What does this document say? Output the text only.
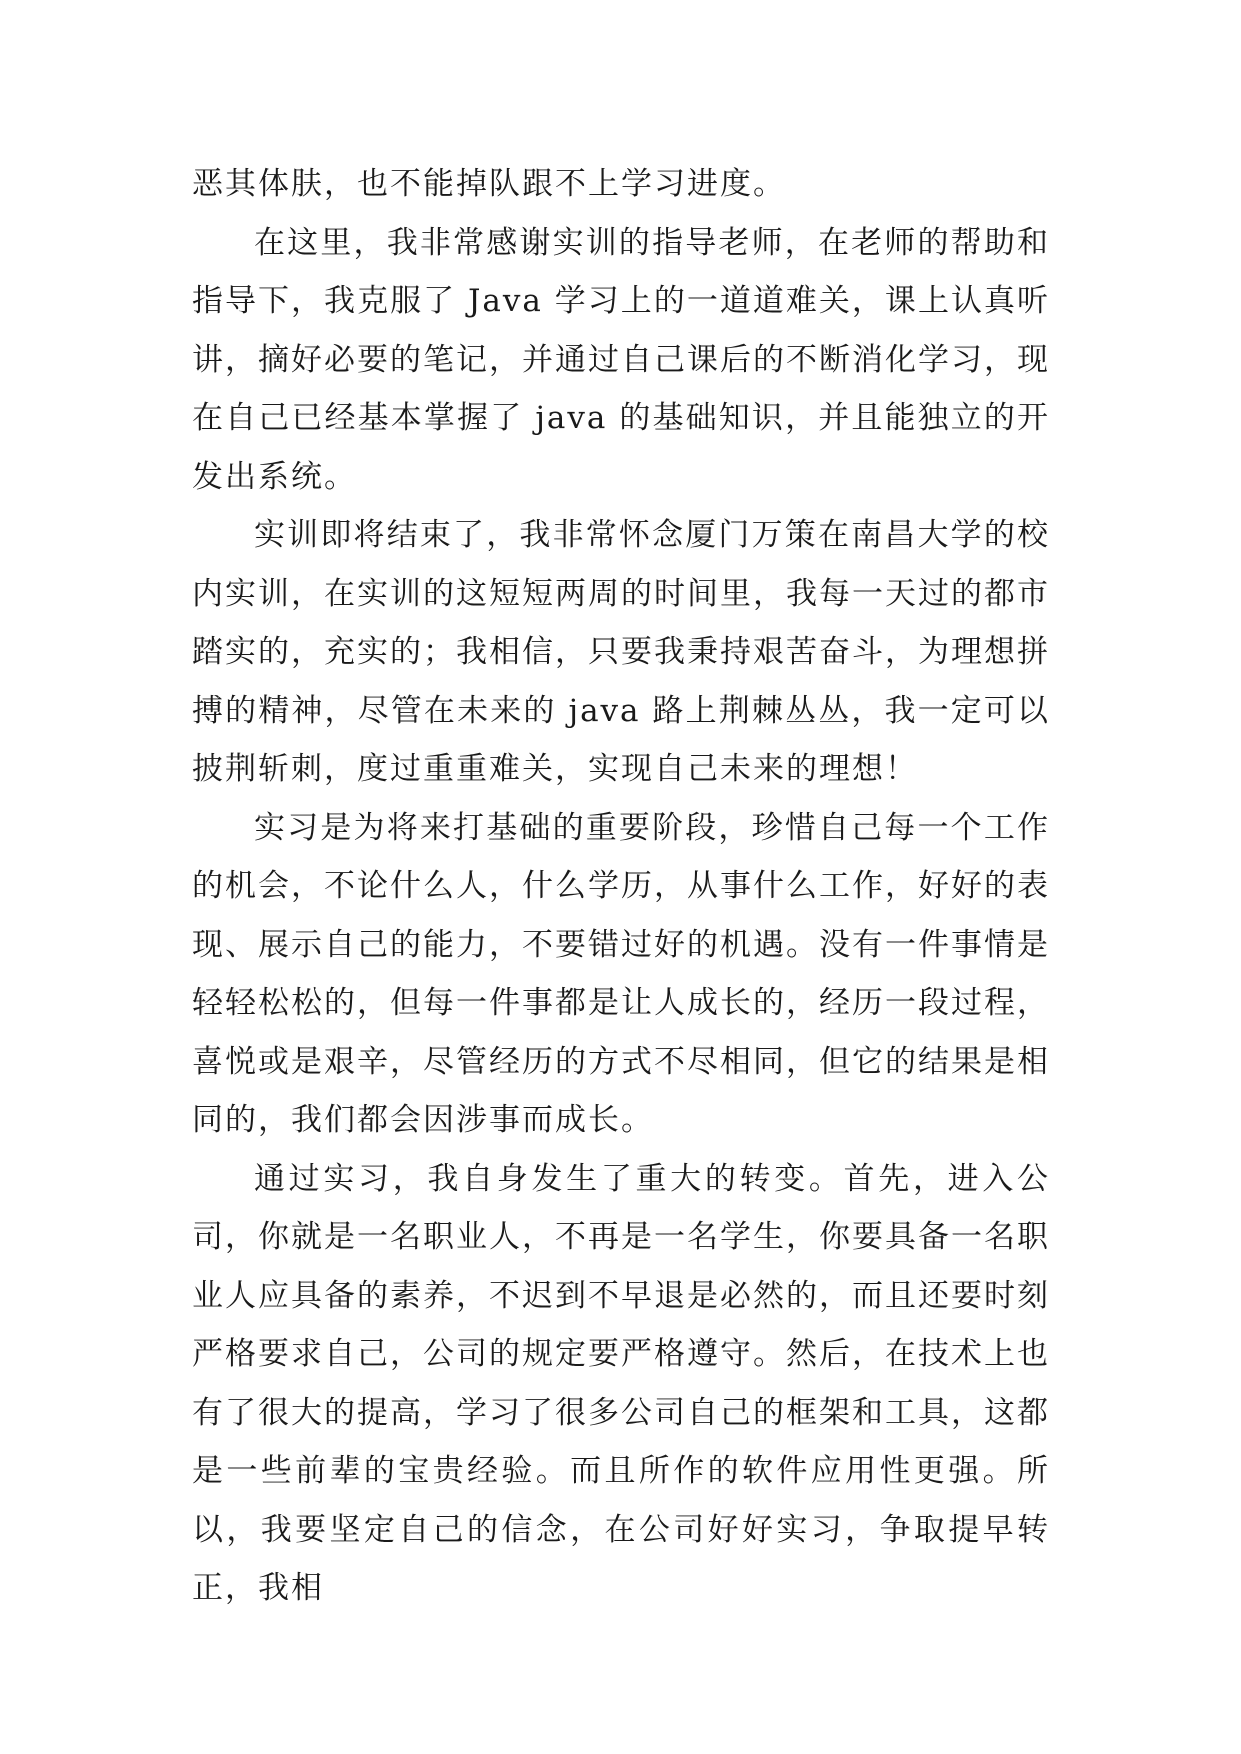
恶其体肤，也不能掉队跟不上学习进度。

在这里，我非常感谢实训的指导老师，在老师的帮助和指导下，我克服了 Java 学习上的一道道难关，课上认真听讲，摘好必要的笔记，并通过自己课后的不断消化学习，现在自己已经基本掌握了 java 的基础知识，并且能独立的开发出系统。

实训即将结束了，我非常怀念厦门万策在南昌大学的校内实训，在实训的这短短两周的时间里，我每一天过的都市踏实的，充实的；我相信，只要我秉持艰苦奋斗，为理想拼搏的精神，尽管在未来的 java 路上荆棘丛丛，我一定可以披荆斩刺，度过重重难关，实现自己未来的理想！

实习是为将来打基础的重要阶段，珍惜自己每一个工作的机会，不论什么人，什么学历，从事什么工作，好好的表现、展示自己的能力，不要错过好的机遇。没有一件事情是轻轻松松的，但每一件事都是让人成长的，经历一段过程，喜悦或是艰辛，尽管经历的方式不尽相同，但它的结果是相同的，我们都会因涉事而成长。

通过实习，我自身发生了重大的转变。首先，进入公司，你就是一名职业人，不再是一名学生，你要具备一名职业人应具备的素养，不迟到不早退是必然的，而且还要时刻严格要求自己，公司的规定要严格遵守。然后，在技术上也有了很大的提高，学习了很多公司自己的框架和工具，这都是一些前辈的宝贵经验。而且所作的软件应用性更强。所以，我要坚定自己的信念，在公司好好实习，争取提早转正，我相
